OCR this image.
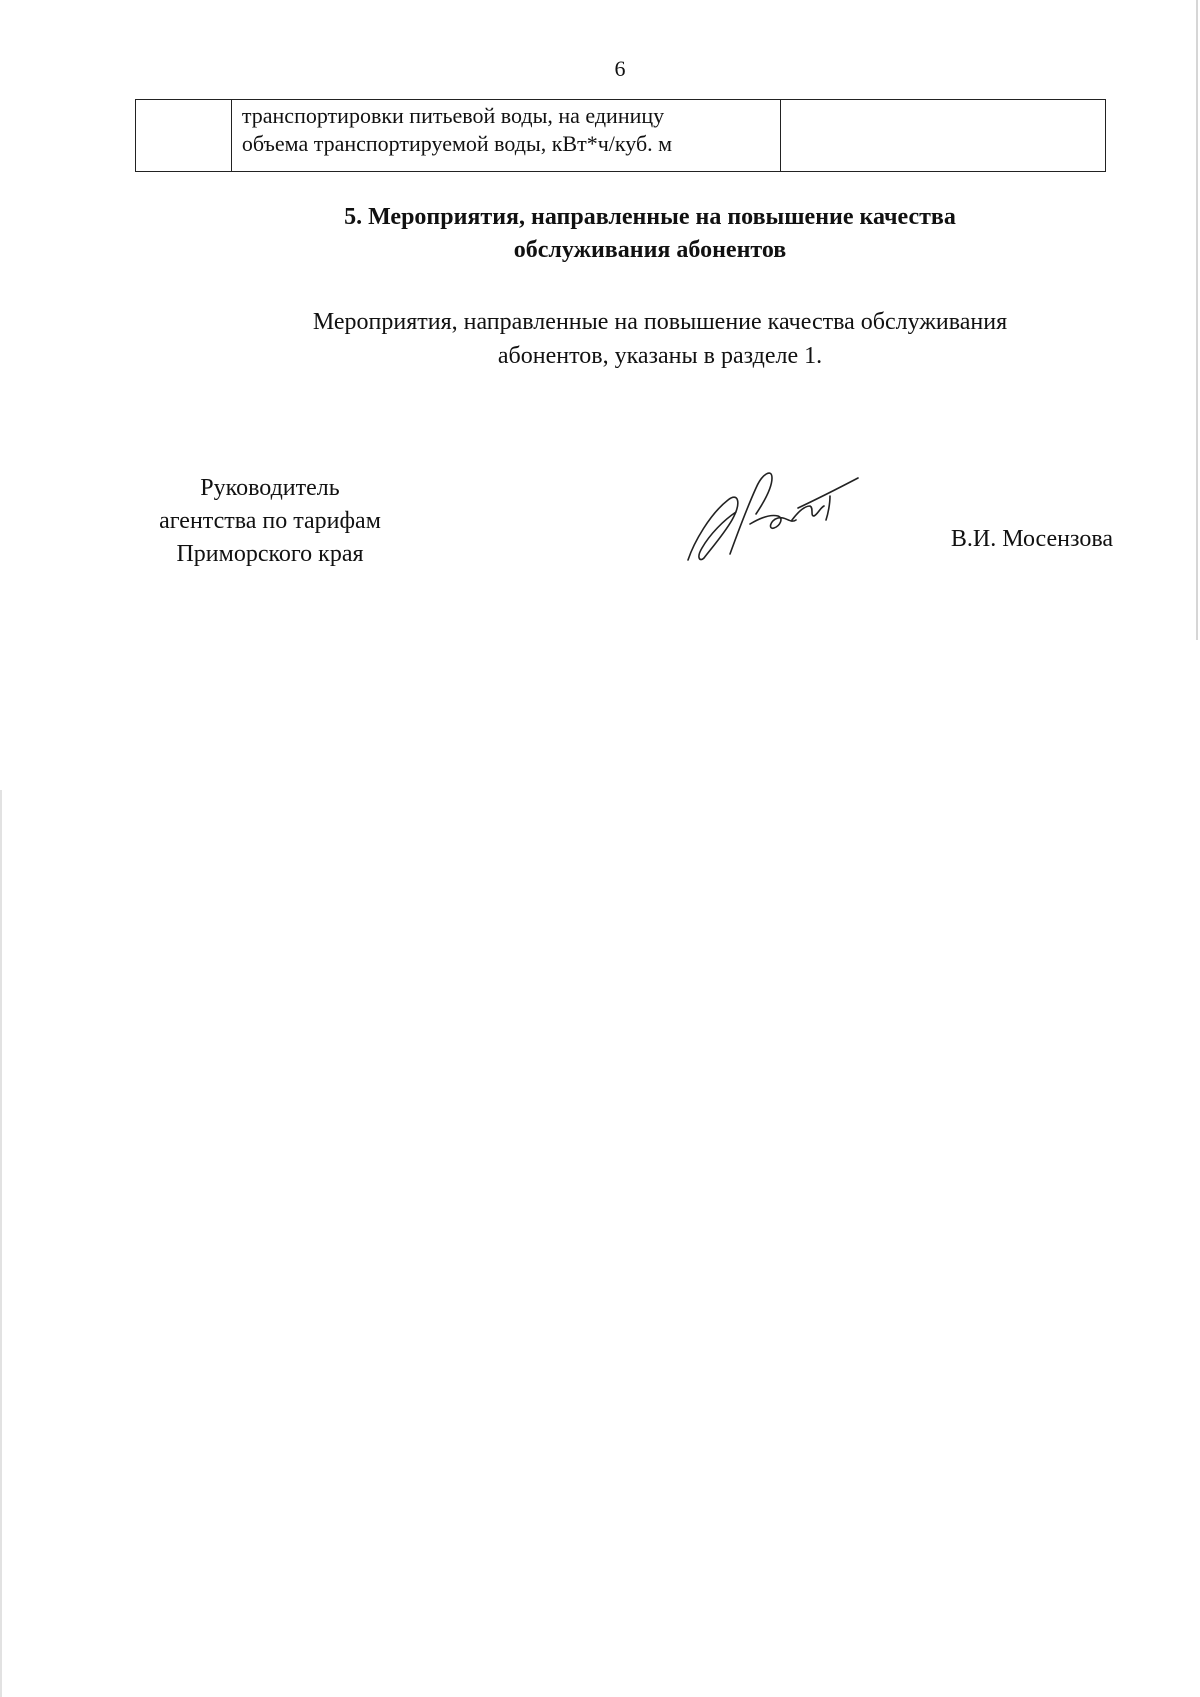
6

транспортировки питьевой воды, на единицу
объема транспортируемой воды, кВт*ч/куб. м

5. Мероприятия, направленные на повышение качества
обслуживания абонентов
Мероприятия, направленные на повышение качества обслуживания
абонентов, указаны в разделе 1.
Руководитель
агентства по тарифам
Приморского края
В.И. Мосензова
